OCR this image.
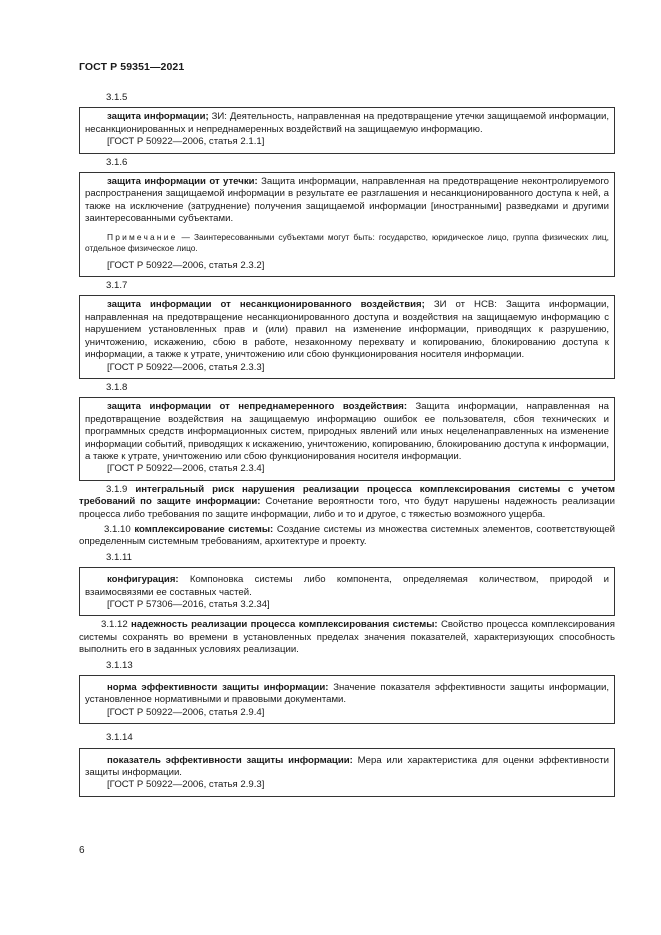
ГОСТ Р 59351—2021
3.1.5

защита информации; ЗИ: Деятельность, направленная на предотвращение утечки защищаемой информации, несанкционированных и непреднамеренных воздействий на защищаемую информацию.

[ГОСТ Р 50922—2006, статья 2.1.1]

3.1.6

защита информации от утечки: Защита информации, направленная на предотвращение неконтролируемого распространения защищаемой информации в результате ее разглашения и несанкционированного доступа к ней, а также на исключение (затруднение) получения защищаемой информации [иностранными] разведками и другими заинтересованными субъектами.

Примечание — Заинтересованными субъектами могут быть: государство, юридическое лицо, группа физических лиц, отдельное физическое лицо.

[ГОСТ Р 50922—2006, статья 2.3.2]

3.1.7

защита информации от несанкционированного воздействия; ЗИ от НСВ: Защита информации, направленная на предотвращение несанкционированного доступа и воздействия на защищаемую информацию с нарушением установленных прав и (или) правил на изменение информации, приводящих к разрушению, уничтожению, искажению, сбою в работе, незаконному перехвату и копированию, блокированию доступа к информации, а также к утрате, уничтожению или сбою функционирования носителя информации.

[ГОСТ Р 50922—2006, статья 2.3.3]

3.1.8

защита информации от непреднамеренного воздействия: Защита информации, направленная на предотвращение воздействия на защищаемую информацию ошибок ее пользователя, сбоя технических и программных средств информационных систем, природных явлений или иных нецеленаправленных на изменение информации событий, приводящих к искажению, уничтожению, копированию, блокированию доступа к информации, а также к утрате, уничтожению или сбою функционирования носителя информации.

[ГОСТ Р 50922—2006, статья 2.3.4]

3.1.9 интегральный риск нарушения реализации процесса комплексирования системы с учетом требований по защите информации: Сочетание вероятности того, что будут нарушены надежность реализации процесса либо требования по защите информации, либо и то и другое, с тяжестью возможного ущерба.

3.1.10 комплексирование системы: Создание системы из множества системных элементов, соответствующей определенным системным требованиям, архитектуре и проекту.

3.1.11

конфигурация: Компоновка системы либо компонента, определяемая количеством, природой и взаимосвязями ее составных частей.

[ГОСТ Р 57306—2016, статья 3.2.34]

3.1.12 надежность реализации процесса комплексирования системы: Свойство процесса комплексирования системы сохранять во времени в установленных пределах значения показателей, характеризующих способность выполнить его в заданных условиях реализации.

3.1.13

норма эффективности защиты информации: Значение показателя эффективности защиты информации, установленное нормативными и правовыми документами.

[ГОСТ Р 50922—2006, статья 2.9.4]

3.1.14

показатель эффективности защиты информации: Мера или характеристика для оценки эффективности защиты информации.

[ГОСТ Р 50922—2006, статья 2.9.3]

6
